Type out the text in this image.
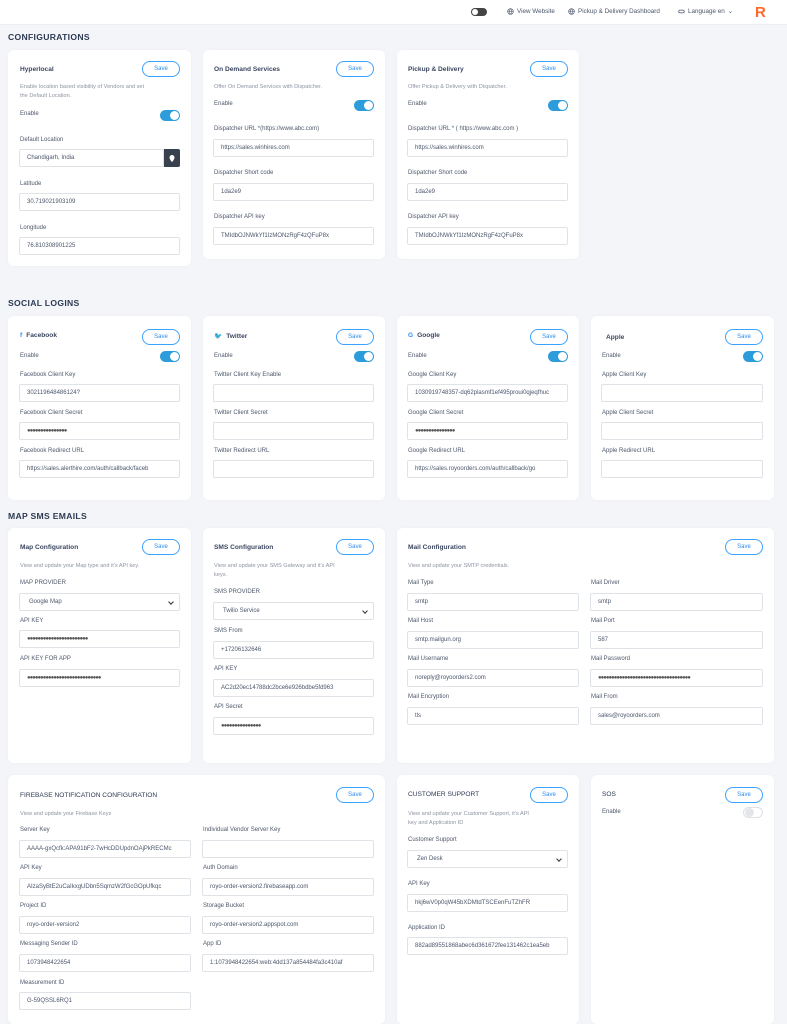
View Website	Pickup & Delivery Dashboard	Language en ⌄ R
CONFIGURATIONS
SOCIAL LOGINS
MAP SMS EMAILS
Hyperlocal	Save
Enable location based visibility of Vendors and set
the Default Location.
Enable
Default Location
Chandigarh, India
Latitude
30.719021903109
Longitude
76.810308901225
On Demand Services	Save
Offer On Demand Services with Dispatcher.
Enable
Dispatcher URL *(https://www.abc.com)
https://sales.winhires.com
Dispatcher Short code
1da2e9
Dispatcher API key
TMIdbOJNWkYf1IzMONzRgF4zQFuP8x
Pickup & Delivery	Save
Offer Pickup & Delivery with Dispatcher.
Enable
Dispatcher URL * ( https://www.abc.com )
https://sales.winhires.com
Dispatcher Short code
1da2e9
Dispatcher API key
TMIdbOJNWkYf1IzMONzRgF4zQFuP8x
f Facebook	Save
Enable
Facebook Client Key
302119648486124?
Facebook Client Secret
●●●●●●●●●●●●●●●
Facebook Redirect URL
https://sales.alerthire.com/auth/callback/faceb
🐦 Twitter	Save
Enable
Twitter Client Key Enable
Twitter Client Secret
Twitter Redirect URL
G Google	Save
Enable
Google Client Key
1030919748357-dq62plasmf1ef495proui0qjeqfhuc
Google Client Secret
●●●●●●●●●●●●●●●
Google Redirect URL
https://sales.royoorders.com/auth/callback/go
Apple	Save
Enable
Apple Client Key
Apple Client Secret
Apple Redirect URL
Map Configuration	Save
View and update your Map type and it's API key.
MAP PROVIDER
Google Map
API KEY
●●●●●●●●●●●●●●●●●●●●●●●
API KEY FOR APP
●●●●●●●●●●●●●●●●●●●●●●●●●●●●
SMS Configuration	Save
View and update your SMS Gateway and it's API
keys.
SMS PROVIDER
Twilio Service
SMS From
+17206132646
API KEY
AC2d20ec14788dc2bce6e926bdbe5fd963
API Secret
●●●●●●●●●●●●●●●
Mail Configuration	Save
View and update your SMTP credentials.
Mail Type
smtp
Mail Driver
smtp
Mail Host
smtp.mailgun.org
Mail Port
587
Mail Username
noreply@royoorders2.com
Mail Password
●●●●●●●●●●●●●●●●●●●●●●●●●●●●●●●●●●●
Mail Encryption
tls
Mail From
sales@royoorders.com
FIREBASE NOTIFICATION CONFIGURATION	Save
View and update your Firebase Keys
Server Key
AAAA-gxQcfk:APA91bF2-7wHcDDUpdnOAjPkRECMc
Individual Vendor Server Key
API Key
AIzaSyBtE2uCaIkxgUDbn5SqmzW2fGcGOpUfkqc
Auth Domain
royo-order-version2.firebaseapp.com
Project ID
royo-order-version2
Storage Bucket
royo-order-version2.appspot.com
Messaging Sender ID
1073948422654
App ID
1:1073948422654:web:4dd137a854484fa3c410af
Measurement ID
G-59QSSL6RQ1
CUSTOMER SUPPORT	Save
View and update your Customer Support, it's API
key and Application ID
Customer Support
Zen Desk
API Key
hkj6wV0p0qW45bXDMtdTSCEenFuTZhFR
Application ID
882ad89551868abec6d361672fee131462c1ea5eb
SOS	Save
Enable
